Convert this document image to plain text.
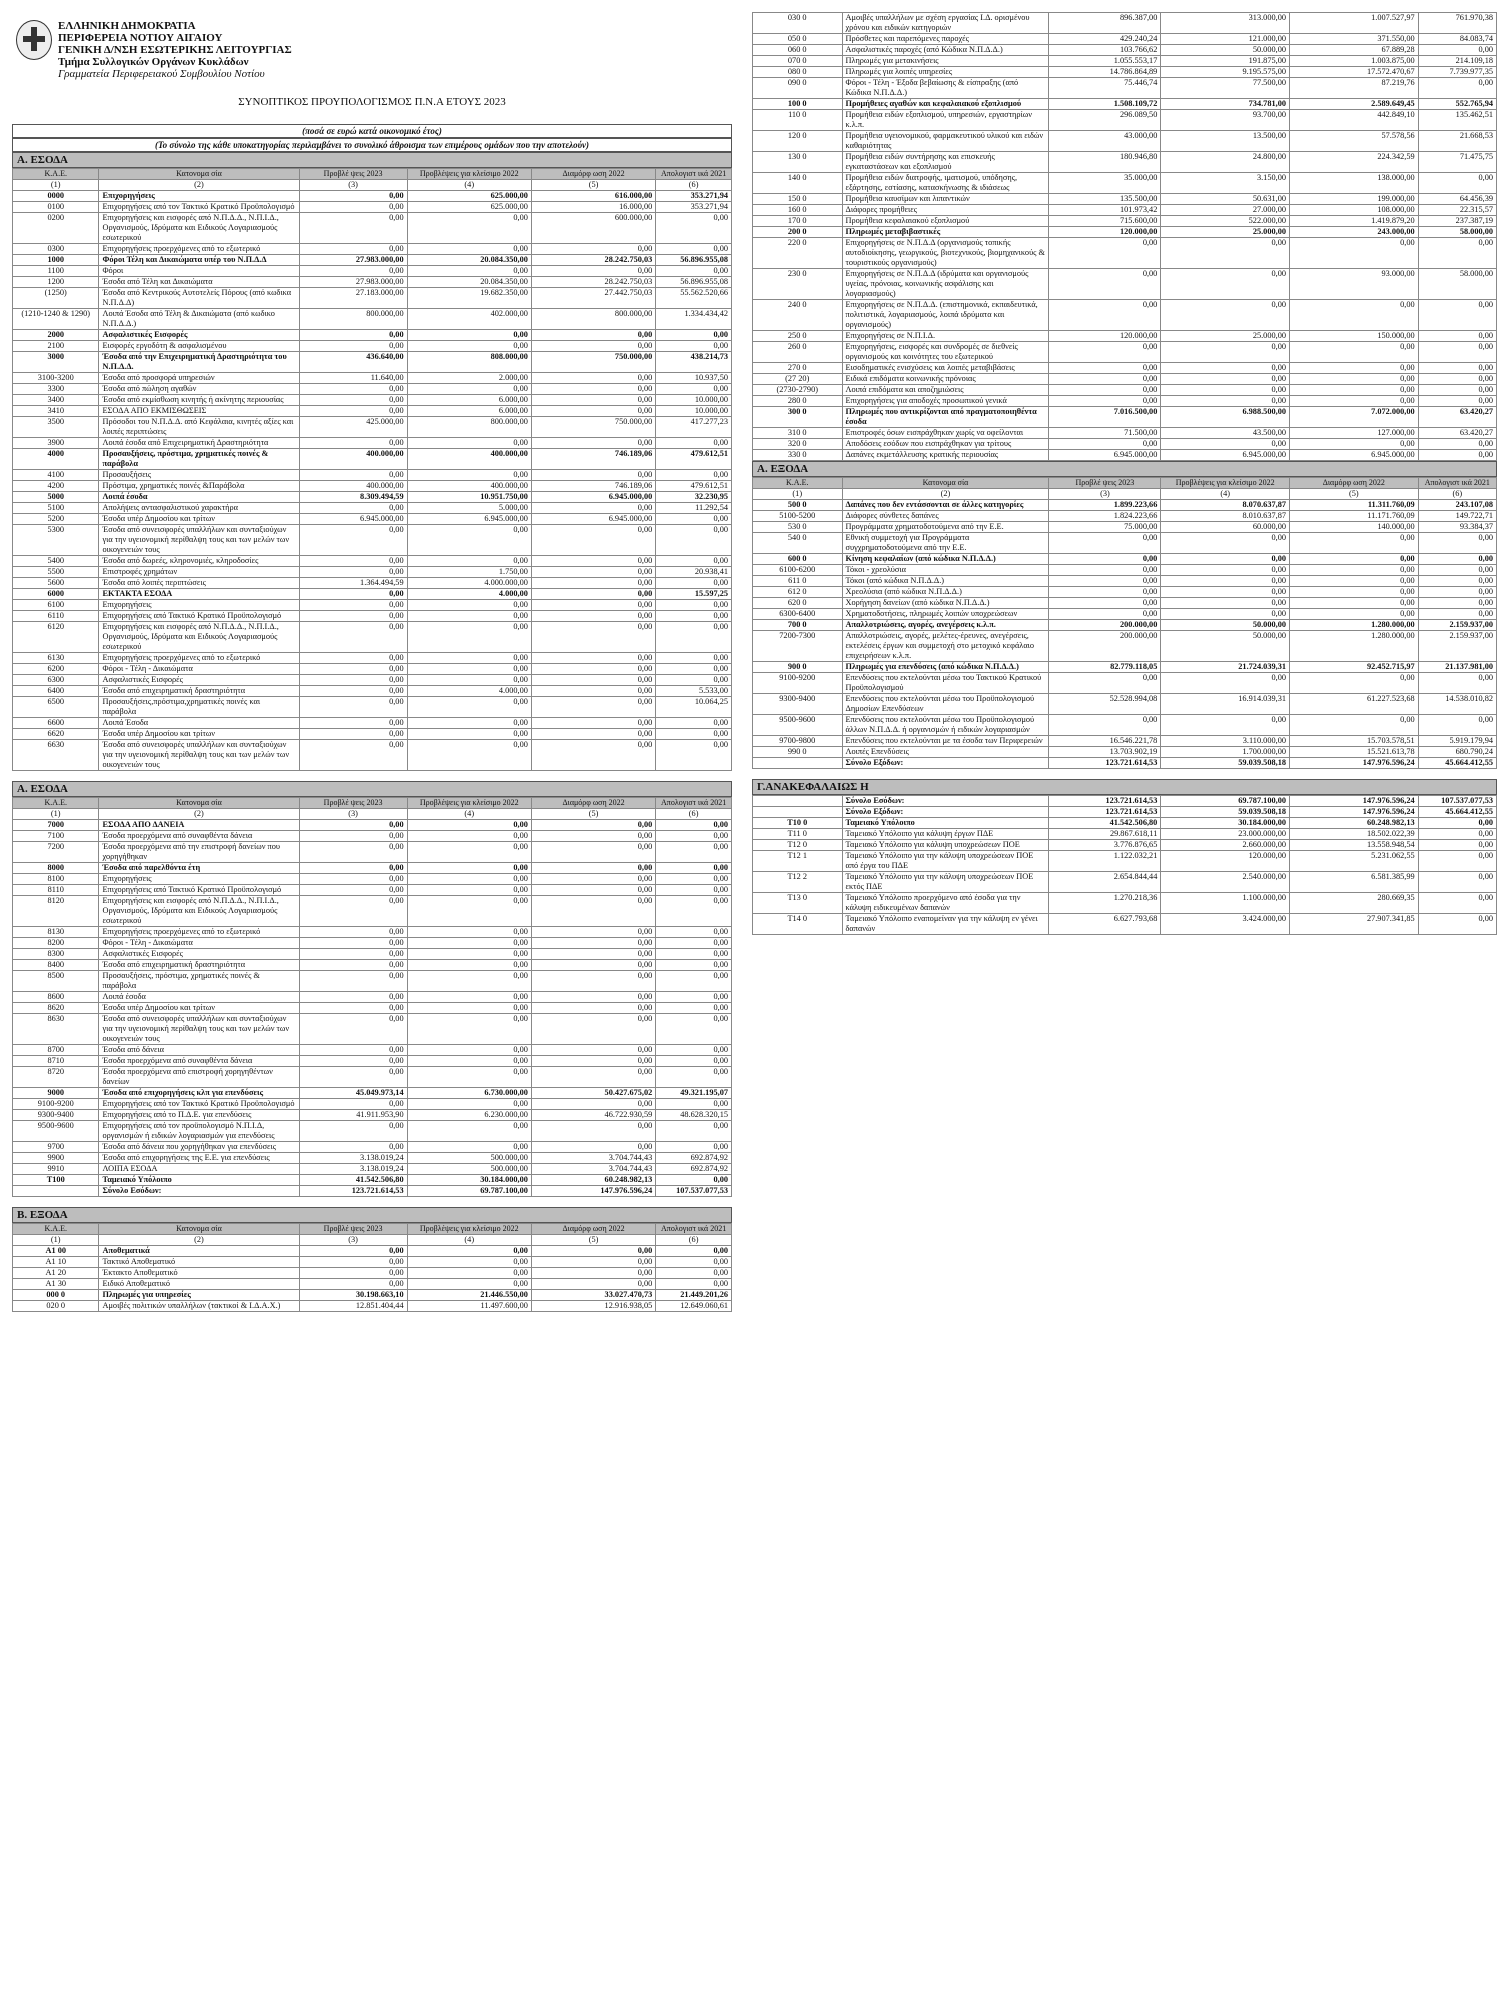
ΕΛΛΗΝΙΚΗ ΔΗΜΟΚΡΑΤΙΑ
ΠΕΡΙΦΕΡΕΙΑ ΝΟΤΙΟΥ ΑΙΓΑΙΟΥ
ΓΕΝΙΚΗ Δ/ΝΣΗ ΕΣΩΤΕΡΙΚΗΣ ΛΕΙΤΟΥΡΓΙΑΣ
Τμήμα Συλλογικών Οργάνων Κυκλάδων
Γραμματεία Περιφερειακού Συμβουλίου Νοτίου
ΣΥΝΟΠΤΙΚΟΣ ΠΡΟΥΠΟΛΟΓΙΣΜΟΣ Π.Ν.Α ΕΤΟΥΣ 2023
(ποσά σε ευρώ κατά οικονομικό έτος)
(Το σύνολο της κάθε υποκατηγορίας περιλαμβάνει το συνολικό άθροισμα των επιμέρους ομάδων που την αποτελούν)
Α. ΕΣΟΔΑ
Κ.Α.Ε.	Κατονομα σία	Προβλέ ψεις 2023	Προβλέψεις για κλείσιμο 2022	Διαμόρφ ωση 2022	Απολογιστ ικά 2021
(1)	(2)	(3)	(4)	(5)	(6)
0000	Επιχορηγήσεις	0,00	625.000,00	616.000,00	353.271,94
0100	Επιχορηγήσεις από τον Τακτικό Κρατικό Προϋπολογισμό	0,00	625.000,00	16.000,00	353.271,94
0200	Επιχορηγήσεις και εισφορές από Ν.Π.Δ.Δ., Ν.Π.Ι.Δ., Οργανισμούς, Ιδρύματα και Ειδικούς Λογαριασμούς εσωτερικού	0,00	0,00	600.000,00	0,00
0300	Επιχορηγήσεις προερχόμενες από το εξωτερικό	0,00	0,00	0,00	0,00
1000	Φόροι Τέλη και Δικαιώματα υπέρ του Ν.Π.Δ.Δ	27.983.000,00	20.084.350,00	28.242.750,03	56.896.955,08
1100	Φόροι	0,00	0,00	0,00	0,00
1200	Έσοδα από Τέλη και Δικαιώματα	27.983.000,00	20.084.350,00	28.242.750,03	56.896.955,08
(1250)	Έσοδα από Κεντρικούς Αυτοτελείς Πόρους (από κωδικα Ν.Π.Δ.Δ)	27.183.000,00	19.682.350,00	27.442.750,03	55.562.520,66
(1210-1240 & 1290)	Λοιπά Έσοδα από Τέλη & Δικαιώματα (από κωδικο Ν.Π.Δ.Δ.)	800.000,00	402.000,00	800.000,00	1.334.434,42
2000	Ασφαλιστικές Εισφορές	0,00	0,00	0,00	0,00
2100	Εισφορές εργοδότη & ασφαλισμένου	0,00	0,00	0,00	0,00
3000	Έσοδα από την Επιχειρηματική Δραστηριότητα του Ν.Π.Δ.Δ.	436.640,00	808.000,00	750.000,00	438.214,73
3100-3200	Έσοδα από προσφορά υπηρεσιών	11.640,00	2.000,00	0,00	10.937,50
3300	Έσοδα από πώληση αγαθών	0,00	0,00	0,00	0,00
3400	Έσοδα από εκμίσθωση κινητής ή ακίνητης περιουσίας	0,00	6.000,00	0,00	10.000,00
3410	ΕΣΟΔΑ ΑΠΟ ΕΚΜΙΣΘΩΣΕΙΣ	0,00	6.000,00	0,00	10.000,00
3500	Πρόσοδοι του Ν.Π.Δ.Δ. από Κεφάλαια, κινητές αξίες και λοιπές περιπτώσεις	425.000,00	800.000,00	750.000,00	417.277,23
3900	Λοιπά έσοδα από Επιχειρηματική Δραστηριότητα	0,00	0,00	0,00	0,00
4000	Προσαυξήσεις, πρόστιμα, χρηματικές ποινές & παράβολα	400.000,00	400.000,00	746.189,06	479.612,51
4100	Προσαυξήσεις	0,00	0,00	0,00	0,00
4200	Πρόστιμα, χρηματικές ποινές &Παράβολα	400.000,00	400.000,00	746.189,06	479.612,51
5000	Λοιπά έσοδα	8.309.494,59	10.951.750,00	6.945.000,00	32.230,95
5100	Απολήψεις αντασφαλιστικού χαρακτήρα	0,00	5.000,00	0,00	11.292,54
5200	Έσοδα υπέρ Δημοσίου και τρίτων	6.945.000,00	6.945.000,00	6.945.000,00	0,00
5300	Έσοδα από συνεισφορές υπαλλήλων και συνταξιούχων για την υγειονομική περίθαλψη τους και των μελών των οικογενειών τους	0,00	0,00	0,00	0,00
5400	Έσοδα από δωρεές, κληρονομιές, κληροδοσίες	0,00	0,00	0,00	0,00
5500	Επιστροφές χρημάτων	0,00	1.750,00	0,00	20.938,41
5600	Έσοδα από λοιπές περιπτώσεις	1.364.494,59	4.000.000,00	0,00	0,00
6000	ΕΚΤΑΚΤΑ ΕΣΟΔΑ	0,00	4.000,00	0,00	15.597,25
6100	Επιχορηγήσεις	0,00	0,00	0,00	0,00
6110	Επιχορηγήσεις από Τακτικό Κρατικό Προϋπολογισμό	0,00	0,00	0,00	0,00
6120	Επιχορηγήσεις και εισφορές από Ν.Π.Δ.Δ., Ν.Π.Ι.Δ., Οργανισμούς, Ιδρύματα και Ειδικούς Λογαριασμούς εσωτερικού	0,00	0,00	0,00	0,00
6130	Επιχορηγήσεις προερχόμενες από το εξωτερικό	0,00	0,00	0,00	0,00
6200	Φόροι - Τέλη - Δικαιώματα	0,00	0,00	0,00	0,00
6300	Ασφαλιστικές Εισφορές	0,00	0,00	0,00	0,00
6400	Έσοδα από επιχειρηματική δραστηριότητα	0,00	4.000,00	0,00	5.533,00
6500	Προσαυξήσεις,πρόστιμα,χρηματικές ποινές και παράβολα	0,00	0,00	0,00	10.064,25
6600	Λοιπά Έσοδα	0,00	0,00	0,00	0,00
6620	Έσοδα υπέρ Δημοσίου και τρίτων	0,00	0,00	0,00	0,00
6630	Έσοδα από συνεισφορές υπαλλήλων και συνταξιούχων για την υγειονομική περίθαλψη τους και των μελών των οικογενειών τους	0,00	0,00	0,00	0,00
Α. ΕΣΟΔΑ
Κ.Α.Ε.	Κατονομα σία	Προβλέ ψεις 2023	Προβλέψεις για κλείσιμο 2022	Διαμόρφ ωση 2022	Απολογιστ ικά 2021
(1)	(2)	(3)	(4)	(5)	(6)
7000	ΕΣΟΔΑ ΑΠΟ ΔΑΝΕΙΑ	0,00	0,00	0,00	0,00
7100	Έσοδα προερχόμενα από συναφθέντα δάνεια	0,00	0,00	0,00	0,00
7200	Έσοδα προερχόμενα από την επιστροφή δανείων που χορηγήθηκαν	0,00	0,00	0,00	0,00
8000	Έσοδα από παρελθόντα έτη	0,00	0,00	0,00	0,00
8100	Επιχορηγήσεις	0,00	0,00	0,00	0,00
8110	Επιχορηγήσεις από Τακτικό Κρατικό Προϋπολογισμό	0,00	0,00	0,00	0,00
8120	Επιχορηγήσεις και εισφορές από Ν.Π.Δ.Δ., Ν.Π.Ι.Δ., Οργανισμούς, Ιδρύματα και Ειδικούς Λογαριασμούς εσωτερικού	0,00	0,00	0,00	0,00
8130	Επιχορηγήσεις προερχόμενες από το εξωτερικό	0,00	0,00	0,00	0,00
8200	Φόροι - Τέλη - Δικαιώματα	0,00	0,00	0,00	0,00
8300	Ασφαλιστικές Εισφορές	0,00	0,00	0,00	0,00
8400	Έσοδα από επιχειρηματική δραστηριότητα	0,00	0,00	0,00	0,00
8500	Προσαυξήσεις, πρόστιμα, χρηματικές ποινές & παράβολα	0,00	0,00	0,00	0,00
8600	Λοιπά έσοδα	0,00	0,00	0,00	0,00
8620	Έσοδα υπέρ Δημοσίου και τρίτων	0,00	0,00	0,00	0,00
8630	Έσοδα από συνεισφορές υπαλλήλων και συνταξιούχων για την υγειονομική περίθαλψη τους και των μελών των οικογενειών τους	0,00	0,00	0,00	0,00
8700	Έσοδα από δάνεια	0,00	0,00	0,00	0,00
8710	Έσοδα προερχόμενα από συναφθέντα δάνεια	0,00	0,00	0,00	0,00
8720	Έσοδα προερχόμενα από επιστροφή χορηγηθέντων δανείων	0,00	0,00	0,00	0,00
9000	Έσοδα από επιχορηγήσεις κλπ για επενδύσεις	45.049.973,14	6.730.000,00	50.427.675,02	49.321.195,07
9100-9200	Επιχορηγήσεις από τον Τακτικό Κρατικό Προϋπολογισμό	0,00	0,00	0,00	0,00
9300-9400	Επιχορηγήσεις από το Π.Δ.Ε. για επενδύσεις	41.911.953,90	6.230.000,00	46.722.930,59	48.628.320,15
9500-9600	Επιχορηγήσεις από τον προϋπολογισμό Ν.Π.Ι.Δ, οργανισμών ή ειδικών λογαριασμών για επενδύσεις	0,00	0,00	0,00	0,00
9700	Έσοδα από δάνεια που χορηγήθηκαν για επενδύσεις	0,00	0,00	0,00	0,00
9900	Έσοδα από επιχορηγήσεις της Ε.Ε. για επενδύσεις	3.138.019,24	500.000,00	3.704.744,43	692.874,92
9910	ΛΟΙΠΑ ΕΣΟΔΑ	3.138.019,24	500.000,00	3.704.744,43	692.874,92
T100	Ταμειακό Υπόλοιπο	41.542.506,80	30.184.000,00	60.248.982,13	0,00
	Σύνολο Εσόδων:	123.721.614,53	69.787.100,00	147.976.596,24	107.537.077,53
Β. ΕΞΟΔΑ
Κ.Α.Ε.	Κατονομα σία	Προβλέ ψεις 2023	Προβλέψεις για κλείσιμο 2022	Διαμόρφ ωση 2022	Απολογιστ ικά 2021
(1)	(2)	(3)	(4)	(5)	(6)
Α1 00	Αποθεματικά	0,00	0,00	0,00	0,00
Α1 10	Τακτικό Αποθεματικό	0,00	0,00	0,00	0,00
Α1 20	Έκτακτο Αποθεματικό	0,00	0,00	0,00	0,00
Α1 30	Ειδικό Αποθεματικό	0,00	0,00	0,00	0,00
000 0	Πληρωμές για υπηρεσίες	30.198.663,10	21.446.550,00	33.027.470,73	21.449.201,26
020 0	Αμοιβές πολιτικών υπαλλήλων (τακτικοί & Ι.Δ.Α.Χ.)	12.851.404,44	11.497.600,00	12.916.938,05	12.649.060,61
030 0	Αμοιβές υπαλλήλων με σχέση εργασίας Ι.Δ. ορισμένου χρόνου και ειδικών κατηγοριών	896.387,00	313.000,00	1.007.527,97	761.970,38
050 0	Πρόσθετες και παρεπόμενες παροχές	429.240,24	121.000,00	371.550,00	84.083,74
060 0	Ασφαλιστικές παροχές (από Κώδικα Ν.Π.Δ.Δ.)	103.766,62	50.000,00	67.889,28	0,00
070 0	Πληρωμές για μετακινήσεις	1.055.553,17	191.875,00	1.003.875,00	214.109,18
080 0	Πληρωμές για λοιπές υπηρεσίες	14.786.864,89	9.195.575,00	17.572.470,67	7.739.977,35
090 0	Φόροι - Τέλη - Έξοδα βεβαίωσης & είσπραξης (από Κώδικα Ν.Π.Δ.Δ.)	75.446,74	77.500,00	87.219,76	0,00
100 0	Προμήθειες αγαθών και κεφαλαιακού εξοπλισμού	1.508.109,72	734.781,00	2.589.649,45	552.765,94
110 0	Προμήθεια ειδών εξοπλισμού, υπηρεσιών, εργαστηρίων κ.λ.π.	296.089,50	93.700,00	442.849,10	135.462,51
120 0	Προμήθεια υγειονομικού, φαρμακευτικού υλικού και ειδών καθαριότητας	43.000,00	13.500,00	57.578,56	21.668,53
130 0	Προμήθεια ειδών συντήρησης και επισκευής εγκαταστάσεων και εξοπλισμού	180.946,80	24.800,00	224.342,59	71.475,75
140 0	Προμήθεια ειδών διατροφής, ιματισμού, υπόδησης, εξάρτησης, εστίασης, κατασκήνωσης & ιδιάσεως	35.000,00	3.150,00	138.000,00	0,00
150 0	Προμήθεια καυσίμων και λιπαντικών	135.500,00	50.631,00	199.000,00	64.456,39
160 0	Διάφορες προμήθειες	101.973,42	27.000,00	108.000,00	22.315,57
170 0	Προμήθεια κεφαλαιακού εξοπλισμού	715.600,00	522.000,00	1.419.879,20	237.387,19
200 0	Πληρωμές μεταβιβαστικές	120.000,00	25.000,00	243.000,00	58.000,00
220 0	Επιχορηγήσεις σε Ν.Π.Δ.Δ (οργανισμούς τοπικής αυτοδιοίκησης, γεωργικούς, βιοτεχνικούς, βιομηχανικούς & τουριστικούς οργανισμούς)	0,00	0,00	0,00	0,00
230 0	Επιχορηγήσεις σε Ν.Π.Δ.Δ (ιδρύματα και οργανισμούς υγείας, πρόνοιας, κοινωνικής ασφάλισης και λογαριασμούς)	0,00	0,00	93.000,00	58.000,00
240 0	Επιχορηγήσεις σε Ν.Π.Δ.Δ. (επιστημονικά, εκπαιδευτικά, πολιτιστικά, λογαριασμούς, λοιπά ιδρύματα και οργανισμούς)	0,00	0,00	0,00	0,00
250 0	Επιχορηγήσεις σε Ν.Π.Ι.Δ.	120.000,00	25.000,00	150.000,00	0,00
260 0	Επιχορηγήσεις, εισφορές και συνδρομές σε διεθνείς οργανισμούς και κοινότητες του εξωτερικού	0,00	0,00	0,00	0,00
270 0	Εισοδηματικές ενισχύσεις και λοιπές μεταβιβάσεις	0,00	0,00	0,00	0,00
(27 20)	Ειδικά επιδόματα κοινωνικής πρόνοιας	0,00	0,00	0,00	0,00
(2730-2790)	Λοιπά επιδόματα και αποζημιώσεις	0,00	0,00	0,00	0,00
280 0	Επιχορηγήσεις για αποδοχές προσωπικού γενικά	0,00	0,00	0,00	0,00
300 0	Πληρωμές που αντικρίζονται από πραγματοποιηθέντα έσοδα	7.016.500,00	6.988.500,00	7.072.000,00	63.420,27
310 0	Επιστροφές όσων εισπράχθηκαν χωρίς να οφείλονται	71.500,00	43.500,00	127.000,00	63.420,27
320 0	Αποδόσεις εσόδων που εισπράχθηκαν για τρίτους	0,00	0,00	0,00	0,00
330 0	Δαπάνες εκμετάλλευσης κρατικής περιουσίας	6.945.000,00	6.945.000,00	6.945.000,00	0,00
Α. ΕΞΟΔΑ
Κ.Α.Ε.	Κατονομα σία	Προβλέ ψεις 2023	Προβλέψεις για κλείσιμο 2022	Διαμόρφ ωση 2022	Απολογιστ ικά 2021
(1)	(2)	(3)	(4)	(5)	(6)
500 0	Δαπάνες που δεν εντάσσονται σε άλλες κατηγορίες	1.899.223,66	8.070.637,87	11.311.760,09	243.107,08
5100-5200	Διάφορες σύνθετες δαπάνες	1.824.223,66	8.010.637,87	11.171.760,09	149.722,71
530 0	Προγράμματα χρηματοδοτούμενα από την Ε.Ε.	75.000,00	60.000,00	140.000,00	93.384,37
540 0	Εθνική συμμετοχή για Προγράμματα συγχρηματοδοτούμενα από την Ε.Ε.	0,00	0,00	0,00	0,00
600 0	Κίνηση κεφαλαίων (από κώδικα Ν.Π.Δ.Δ.)	0,00	0,00	0,00	0,00
6100-6200	Τόκοι - χρεολύσια	0,00	0,00	0,00	0,00
611 0	Τόκοι (από κώδικα Ν.Π.Δ.Δ.)	0,00	0,00	0,00	0,00
612 0	Χρεολύσια (από κώδικα Ν.Π.Δ.Δ.)	0,00	0,00	0,00	0,00
620 0	Χορήγηση δανείων (από κώδικα Ν.Π.Δ.Δ.)	0,00	0,00	0,00	0,00
6300-6400	Χρηματοδοτήσεις, πληρωμές λοιπών υποχρεώσεων	0,00	0,00	0,00	0,00
700 0	Απαλλοτριώσεις, αγορές, ανεγέρσεις κ.λ.π.	200.000,00	50.000,00	1.280.000,00	2.159.937,00
7200-7300	Απαλλοτριώσεις, αγορές, μελέτες-έρευνες, ανεγέρσεις, εκτελέσεις έργων και συμμετοχή στο μετοχικό κεφάλαιο επιχειρήσεων κ.λ.π.	200.000,00	50.000,00	1.280.000,00	2.159.937,00
900 0	Πληρωμές για επενδύσεις (από κώδικα Ν.Π.Δ.Δ.)	82.779.118,05	21.724.039,31	92.452.715,97	21.137.981,00
9100-9200	Επενδύσεις που εκτελούνται μέσω του Τακτικού Κρατικού Προϋπολογισμού	0,00	0,00	0,00	0,00
9300-9400	Επενδύσεις που εκτελούνται μέσω του Προϋπολογισμού Δημοσίων Επενδύσεων	52.528.994,08	16.914.039,31	61.227.523,68	14.538.010,82
9500-9600	Επενδύσεις που εκτελούνται μέσω του Προϋπολογισμού άλλων Ν.Π.Δ.Δ. ή οργανισμών ή ειδικών λογαριασμών	0,00	0,00	0,00	0,00
9700-9800	Επενδύσεις που εκτελούνται με τα έσοδα των Περιφερειών	16.546.221,78	3.110.000,00	15.703.578,51	5.919.179,94
990 0	Λοιπές Επενδύσεις	13.703.902,19	1.700.000,00	15.521.613,78	680.790,24
	Σύνολο Εξόδων:	123.721.614,53	59.039.508,18	147.976.596,24	45.664.412,55
Γ.ΑΝΑΚΕΦΑΛΑΙΩΣ Η
	Σύνολο Εσόδων:	123.721.614,53	69.787.100,00	147.976.596,24	107.537.077,53
	Σύνολο Εξόδων:	123.721.614,53	59.039.508,18	147.976.596,24	45.664.412,55
Τ10 0	Ταμειακό Υπόλοιπο	41.542.506,80	30.184.000,00	60.248.982,13	0,00
Τ11 0	Ταμειακό Υπόλοιπο για κάλυψη έργων ΠΔΕ	29.867.618,11	23.000.000,00	18.502.022,39	0,00
Τ12 0	Ταμειακό Υπόλοιπο για κάλυψη υποχρεώσεων ΠΟΕ	3.776.876,65	2.660.000,00	13.558.948,54	0,00
Τ12 1	Ταμειακό Υπόλοιπο για την κάλυψη υποχρεώσεων ΠΟΕ από έργα του ΠΔΕ	1.122.032,21	120.000,00	5.231.062,55	0,00
Τ12 2	Ταμειακό Υπόλοιπο για την κάλυψη υποχρεώσεων ΠΟΕ εκτός ΠΔΕ	2.654.844,44	2.540.000,00	6.581.385,99	0,00
Τ13 0	Ταμειακό Υπόλοιπο προερχόμενο από έσοδα για την κάλυψη ειδικευμένων δαπανών	1.270.218,36	1.100.000,00	280.669,35	0,00
Τ14 0	Ταμειακό Υπόλοιπο εναπομείναν για την κάλυψη εν γένει δαπανών	6.627.793,68	3.424.000,00	27.907.341,85	0,00
